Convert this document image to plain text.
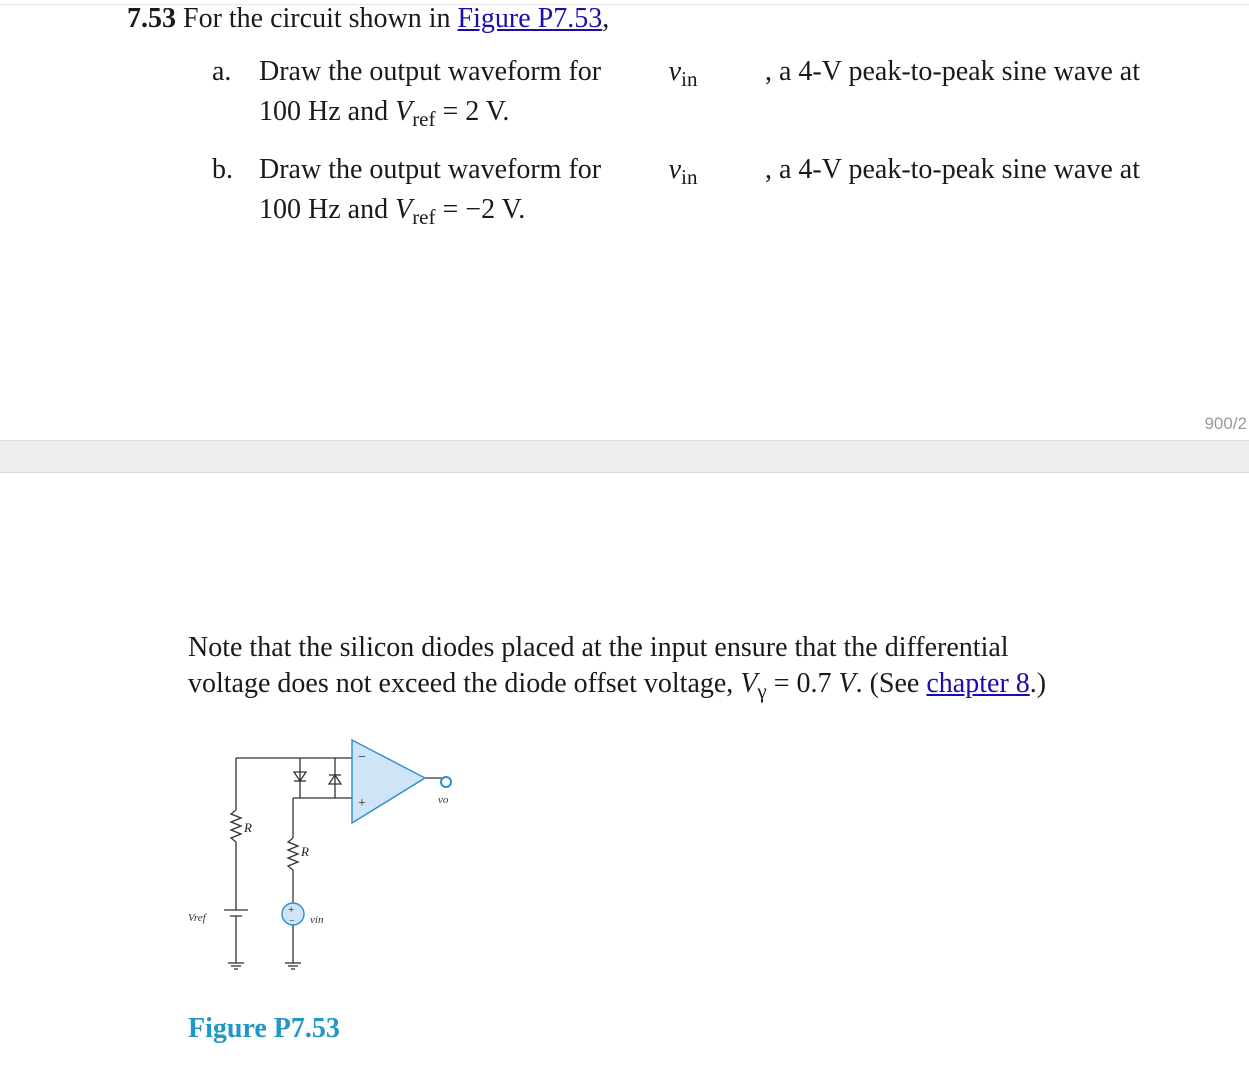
7.53 For the circuit shown in Figure P7.53,
a. Draw the output waveform for $v_{in}$ , a 4-V peak-to-peak sine wave at
100 Hz and $V_{ref} = 2$ V.
b. Draw the output waveform for $v_{in}$ , a 4-V peak-to-peak sine wave at
100 Hz and $V_{ref} = -2$ V.
900/2
Note that the silicon diodes placed at the input ensure that the differential
voltage does not exceed the diode offset voltage, $V_\gamma = 0.7$ V. (See chapter 8.)
−
+	vo
R
R
+
−
Vref	vin
Figure P7.53
